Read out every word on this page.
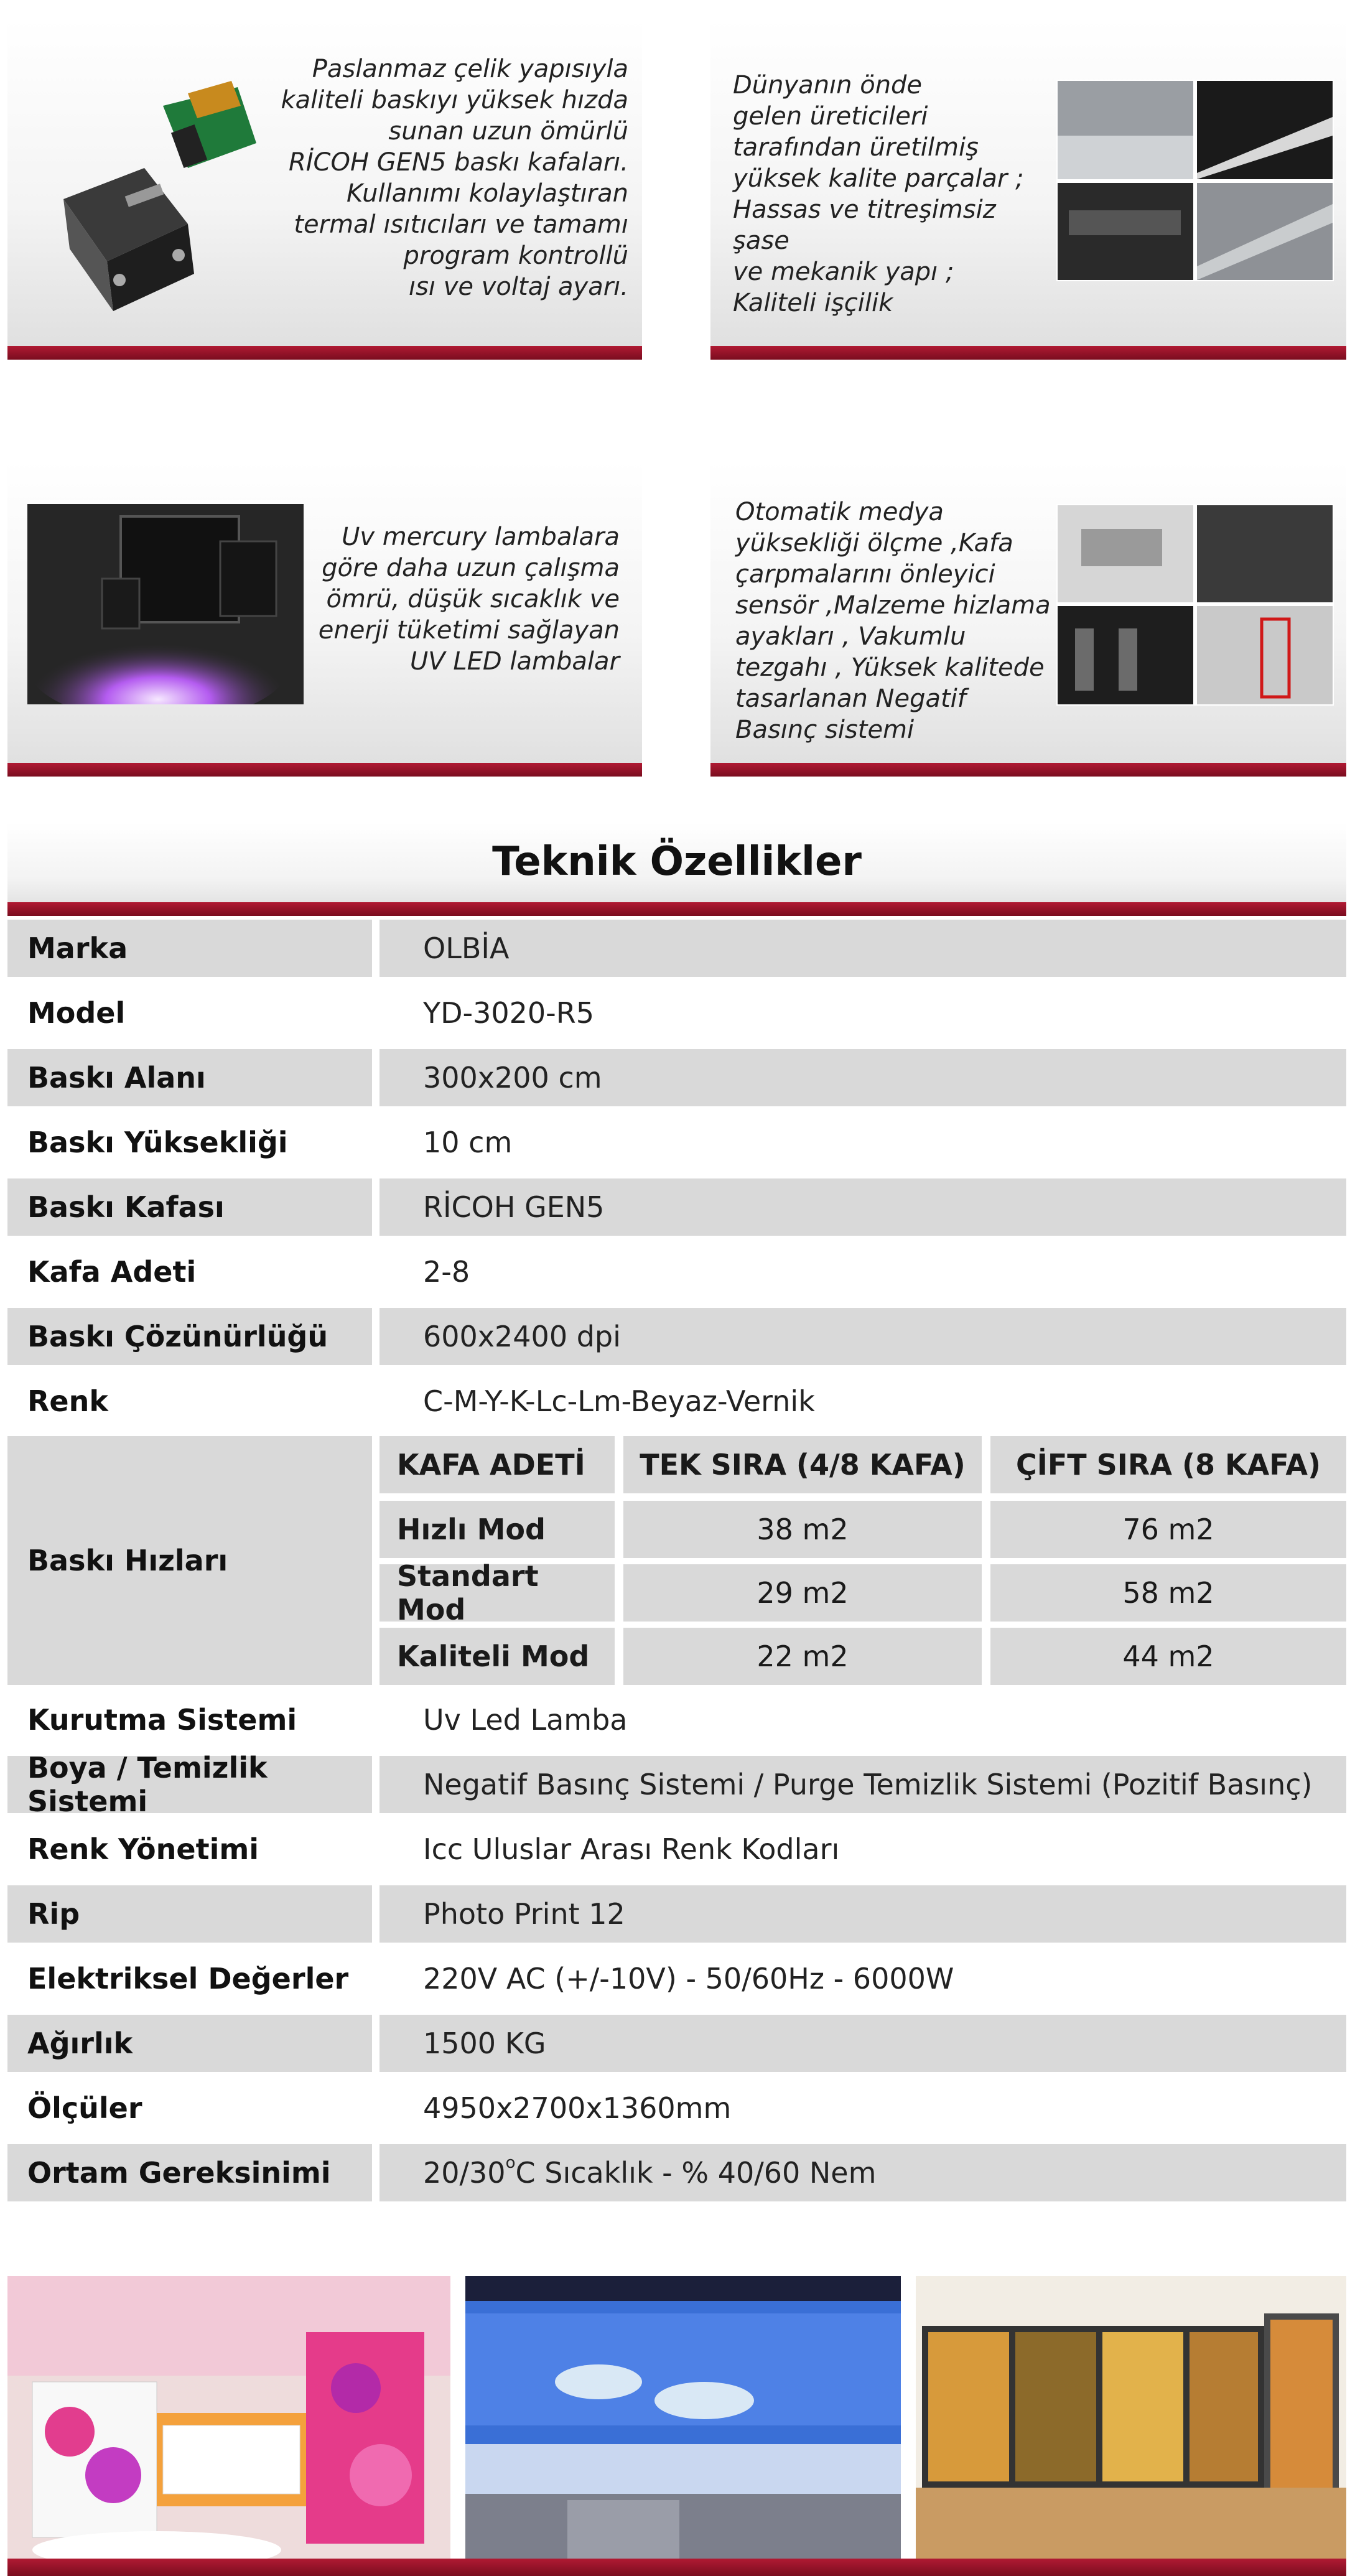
Paslanmaz çelik yapısıyla
kaliteli baskıyı yüksek hızda
sunan uzun ömürlü
RİCOH GEN5 baskı kafaları.
Kullanımı kolaylaştıran
termal ısıtıcıları ve tamamı
program kontrollü
ısı ve voltaj ayarı.
Dünyanın önde
gelen üreticileri
tarafından üretilmiş
yüksek kalite parçalar ;
Hassas ve titreşimsiz şase
ve mekanik yapı ;
Kaliteli işçilik
Uv mercury lambalara
göre daha uzun çalışma
ömrü, düşük sıcaklık ve
enerji tüketimi sağlayan
UV LED lambalar
Otomatik medya
yüksekliği ölçme ,Kafa
çarpmalarını önleyici
sensör ,Malzeme hizlama
ayakları , Vakumlu
tezgahı , Yüksek kalitede
tasarlanan Negatif
Basınç sistemi
Teknik Özellikler
Marka	OLBİA
Model	YD-3020-R5
Baskı Alanı	300x200 cm
Baskı Yüksekliği	10 cm
Baskı Kafası	RİCOH GEN5
Kafa Adeti	2-8
Baskı Çözünürlüğü	600x2400 dpi
Renk	C-M-Y-K-Lc-Lm-Beyaz-Vernik
Baskı Hızları
KAFA ADETİ	TEK SIRA (4/8 KAFA)	ÇİFT SIRA (8 KAFA)
Hızlı Mod	38 m2	76 m2
Standart Mod	29 m2	58 m2
Kaliteli Mod	22 m2	44 m2
Kurutma Sistemi	Uv Led Lamba
Boya / Temizlik Sistemi	Negatif Basınç Sistemi / Purge Temizlik Sistemi (Pozitif Basınç)
Renk Yönetimi	Icc Uluslar Arası Renk Kodları
Rip	Photo Print 12
Elektriksel Değerler	220V AC (+/-10V) - 50/60Hz - 6000W
Ağırlık	1500 KG
Ölçüler	4950x2700x1360mm
Ortam Gereksinimi	20/30$^o$ C Sıcaklık - % 40/60 Nem
